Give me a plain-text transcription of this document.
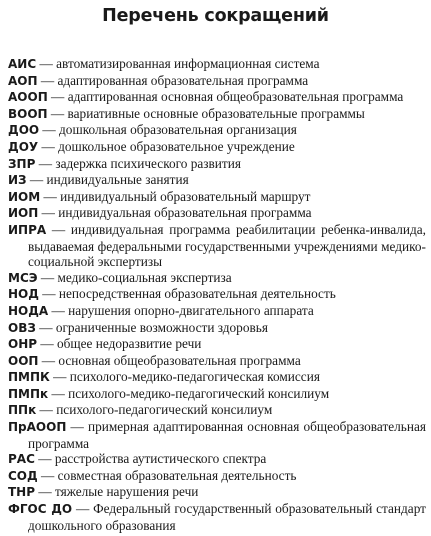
Перечень сокращений
АИС — автоматизированная информационная система
АОП — адаптированная образовательная программа
АООП — адаптированная основная общеобразовательная программа
ВООП — вариативные основные образовательные программы
ДОО — дошкольная образовательная организация
ДОУ — дошкольное образовательное учреждение
ЗПР — задержка психического развития
ИЗ — индивидуальные занятия
ИОМ — индивидуальный образовательный маршрут
ИОП — индивидуальная образовательная программа
ИПРА — индивидуальная программа реабилитации ребенка-инвалида, выдаваемая федеральными государственными учреждениями медико-социальной экспертизы
МСЭ — медико-социальная экспертиза
НОД — непосредственная образовательная деятельность
НОДА — нарушения опорно-двигательного аппарата
ОВЗ — ограниченные возможности здоровья
ОНР — общее недоразвитие речи
ООП — основная общеобразовательная программа
ПМПК — психолого-медико-педагогическая комиссия
ПМПк — психолого-медико-педагогический консилиум
ППк — психолого-педагогический консилиум
ПрАООП — примерная адаптированная основная общеобразовательная программа
РАС — расстройства аутистического спектра
СОД — совместная образовательная деятельность
ТНР — тяжелые нарушения речи
ФГОС ДО — Федеральный государственный образовательный стандарт дошкольного образования
